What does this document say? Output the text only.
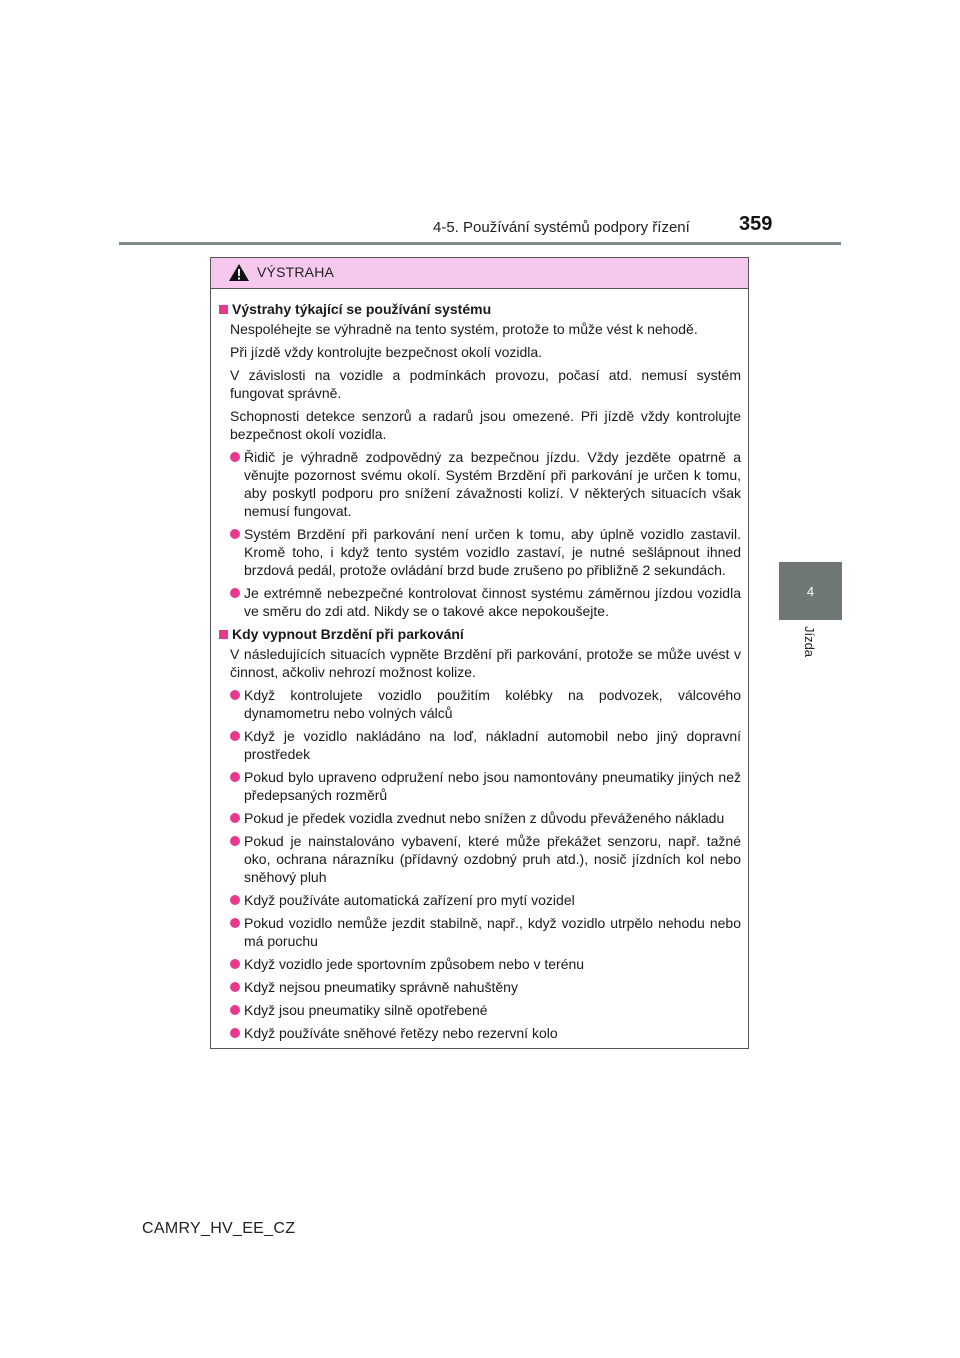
4-5. Používání systémů podpory řízení 359
4
Jízda
VÝSTRAHA
Výstrahy týkající se používání systému
Nespoléhejte se výhradně na tento systém, protože to může vést k nehodě.
Při jízdě vždy kontrolujte bezpečnost okolí vozidla.
V závislosti na vozidle a podmínkách provozu, počasí atd. nemusí systém fungovat správně.
Schopnosti detekce senzorů a radarů jsou omezené. Při jízdě vždy kontrolujte bezpečnost okolí vozidla.
Řidič je výhradně zodpovědný za bezpečnou jízdu. Vždy jezděte opatrně a věnujte pozornost svému okolí. Systém Brzdění při parkování je určen k tomu, aby poskytl podporu pro snížení závažnosti kolizí. V některých situacích však nemusí fungovat.
Systém Brzdění při parkování není určen k tomu, aby úplně vozidlo zastavil. Kromě toho, i když tento systém vozidlo zastaví, je nutné sešlápnout ihned brzdová pedál, protože ovládání brzd bude zrušeno po přibližně 2 sekundách.
Je extrémně nebezpečné kontrolovat činnost systému záměrnou jízdou vozidla ve směru do zdi atd. Nikdy se o takové akce nepokoušejte.
Kdy vypnout Brzdění při parkování
V následujících situacích vypněte Brzdění při parkování, protože se může uvést v činnost, ačkoliv nehrozí možnost kolize.
Když kontrolujete vozidlo použitím kolébky na podvozek, válcového dynamometru nebo volných válců
Když je vozidlo nakládáno na loď, nákladní automobil nebo jiný dopravní prostředek
Pokud bylo upraveno odpružení nebo jsou namontovány pneumatiky jiných než předepsaných rozměrů
Pokud je předek vozidla zvednut nebo snížen z důvodu převáženého nákladu
Pokud je nainstalováno vybavení, které může překážet senzoru, např. tažné oko, ochrana nárazníku (přídavný ozdobný pruh atd.), nosič jízdních kol nebo sněhový pluh
Když používáte automatická zařízení pro mytí vozidel
Pokud vozidlo nemůže jezdit stabilně, např., když vozidlo utrpělo nehodu nebo má poruchu
Když vozidlo jede sportovním způsobem nebo v terénu
Když nejsou pneumatiky správně nahuštěny
Když jsou pneumatiky silně opotřebené
Když používáte sněhové řetězy nebo rezervní kolo
CAMRY_HV_EE_CZ
